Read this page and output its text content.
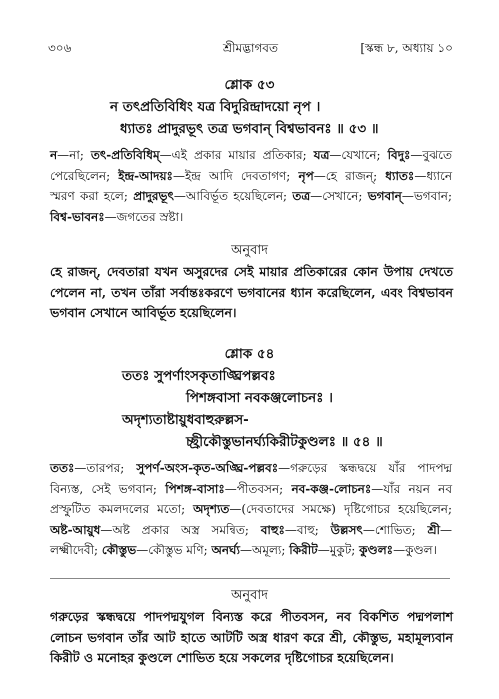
৩০৬	শ্রীমদ্ভাগবত	[স্কন্ধ ৮, অধ্যায় ১০
শ্লোক ৫৩
ন তৎপ্রতিবিধিং যত্র বিদুরিন্দ্রাদয়ো নৃপ ।
ধ্যাতঃ প্রাদুরভূৎ তত্র ভগবান্ বিশ্বভাবনঃ ॥ ৫৩ ॥

ন—না; তৎ-প্রতিবিধিম্—এই প্রকার মায়ার প্রতিকার; যত্র—যেখানে; বিদুঃ—বুঝতে পেরেছিলেন; ইন্দ্র-আদয়ঃ—ইন্দ্র আদি দেবতাগণ; নৃপ—হে রাজন্; ধ্যাতঃ—ধ্যানে স্মরণ করা হলে; প্রাদুরভূৎ—আবির্ভূত হয়েছিলেন; তত্র—সেখানে; ভগবান্—ভগবান; বিশ্ব-ভাবনঃ—জগতের স্রষ্টা।

অনুবাদ

হে রাজন্, দেবতারা যখন অসুরদের সেই মায়ার প্রতিকারের কোন উপায় দেখতে পেলেন না, তখন তাঁরা সর্বান্তঃকরণে ভগবানের ধ্যান করেছিলেন, এবং বিশ্বভাবন ভগবান সেখানে আবির্ভূত হয়েছিলেন।

শ্লোক ৫৪
ততঃ সুপর্ণাংসকৃতাঙ্ঘ্রিপল্লবঃ
পিশঙ্গবাসা নবকঞ্জলোচনঃ ।
অদৃশ্যতাষ্টায়ুধবাহুরুল্লস-
চ্ছ্রীকৌস্তুভানর্ঘ্যকিরীটকুণ্ডলঃ ॥ ৫৪ ॥

ততঃ—তারপর; সুপর্ণ-অংস-কৃত-অঙ্ঘ্রি-পল্লবঃ—গরুড়ের স্কন্ধদ্বয়ে যাঁর পাদপদ্ম বিন্যস্ত, সেই ভগবান; পিশঙ্গ-বাসাঃ—পীতবসন; নব-কঞ্জ-লোচনঃ—যাঁর নয়ন নব প্রস্ফুটিত কমলদলের মতো; অদৃশ্যত—(দেবতাদের সমক্ষে) দৃষ্টিগোচর হয়েছিলেন; অষ্ট-আয়ুধ—অষ্ট প্রকার অস্ত্র সমন্বিত; বাহুঃ—বাহু; উল্লসৎ—শোভিত; শ্রী—লক্ষ্মীদেবী; কৌস্তুভ—কৌস্তুভ মণি; অনর্ঘ্য—অমূল্য; কিরীট—মুকুট; কুণ্ডলঃ—কুণ্ডল।

অনুবাদ

গরুড়ের স্কন্ধদ্বয়ে পাদপদ্মযুগল বিন্যস্ত করে পীতবসন, নব বিকশিত পদ্মপলাশ লোচন ভগবান তাঁর আট হাতে আটটি অস্ত্র ধারণ করে শ্রী, কৌস্তুভ, মহামূল্যবান কিরীট ও মনোহর কুণ্ডলে শোভিত হয়ে সকলের দৃষ্টিগোচর হয়েছিলেন।
